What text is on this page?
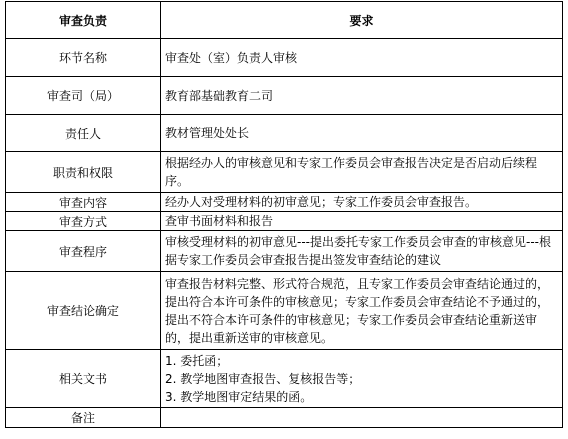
审查负责	要求
环节名称	审查处（室）负责人审核
审查司（局）	教育部基础教育二司
责任人	教材管理处处长
职责和权限	根据经办人的审核意见和专家工作委员会审查报告决定是否启动后续程序。
审查内容	经办人对受理材料的初审意见；专家工作委员会审查报告。
审查方式	查审书面材料和报告
审查程序	审核受理材料的初审意见---提出委托专家工作委员会审查的审核意见---根据专家工作委员会审查报告提出签发审查结论的建议
审查结论确定	审查报告材料完整、形式符合规范，且专家工作委员会审查结论通过的，提出符合本许可条件的审核意见；专家工作委员会审查结论不予通过的，提出不符合本许可条件的审核意见；专家工作委员会审查结论重新送审的，提出重新送审的审核意见。
相关文书	1. 委托函；
2. 教学地图审查报告、复核报告等；
3. 教学地图审定结果的函。

备注	
